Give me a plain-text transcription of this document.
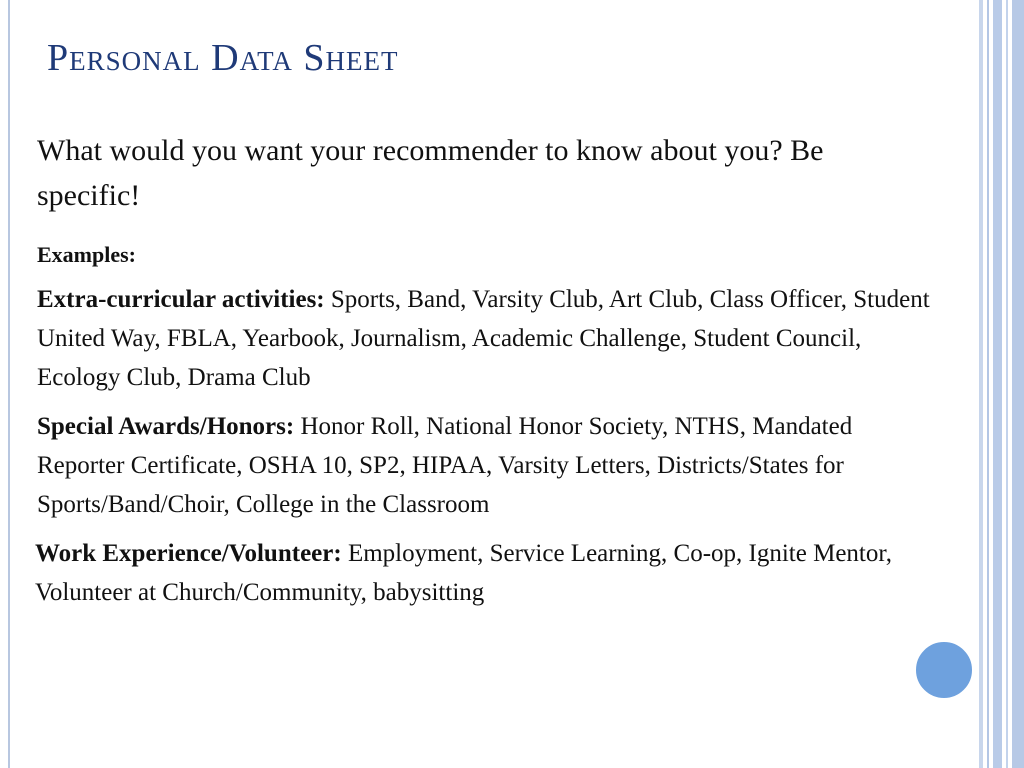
Personal Data Sheet

What would you want your recommender to know about you? Be specific!

Examples:
Extra-curricular activities: Sports, Band, Varsity Club, Art Club, Class Officer, Student United Way, FBLA, Yearbook, Journalism, Academic Challenge, Student Council, Ecology Club, Drama Club
Special Awards/Honors: Honor Roll, National Honor Society, NTHS, Mandated Reporter Certificate, OSHA 10, SP2, HIPAA, Varsity Letters, Districts/States for Sports/Band/Choir, College in the Classroom
Work Experience/Volunteer: Employment, Service Learning, Co-op, Ignite Mentor, Volunteer at Church/Community, babysitting
